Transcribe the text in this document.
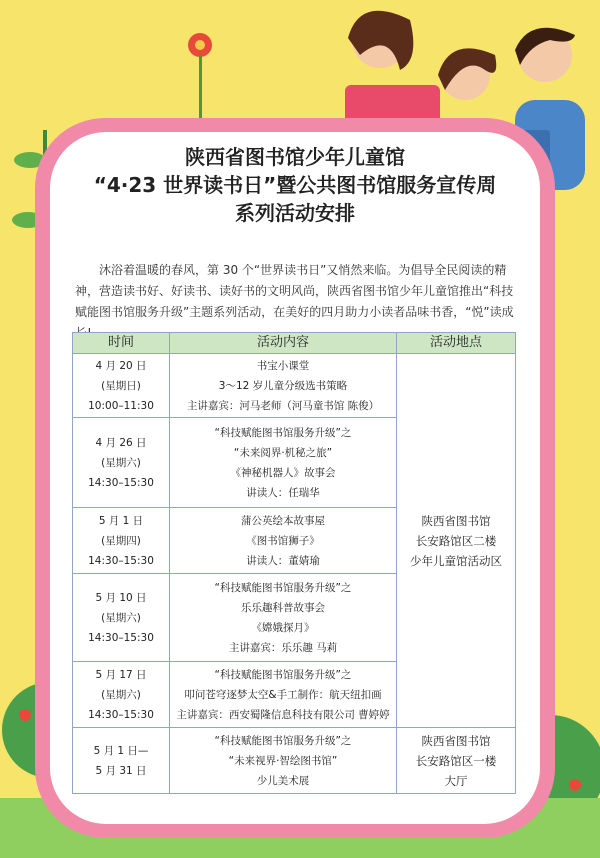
陕西省图书馆少年儿童馆
“4·23 世界读书日”暨公共图书馆服务宣传周
系列活动安排
沐浴着温暖的春风，第 30 个“世界读书日”又悄然来临。为倡导全民阅读的精神，营造读书好、好读书、读好书的文明风尚，陕西省图书馆少年儿童馆推出“科技赋能图书馆服务升级”主题系列活动，在美好的四月助力小读者品味书香，“悦”读成
时间	活动内容	活动地点

4 月 20 日
(星期日)
10:00–11:30	书宝小课堂
3～12 岁儿童分级选书策略
主讲嘉宾：河马老师（河马童书馆 陈俊）	陕西省图书馆
长安路馆区二楼
少年儿童馆活动区

4 月 26 日
(星期六)
14:30–15:30	“科技赋能图书馆服务升级”之
“未来阅界·机秘之旅”
《神秘机器人》故事会
讲读人：任瑞华	

5 月 1 日
(星期四)
14:30–15:30	蒲公英绘本故事屋
《图书馆狮子》
讲读人：董婧瑜	

5 月 10 日
(星期六)
14:30–15:30	“科技赋能图书馆服务升级”之
乐乐趣科普故事会
《嫦娥探月》
主讲嘉宾：乐乐趣 马莉	

5 月 17 日
(星期六)
14:30–15:30	“科技赋能图书馆服务升级”之
叩问苍穹逐梦太空&手工制作：航天纽扣画
主讲嘉宾：西安蜀隆信息科技有限公司 曹婷婷	

5 月 1 日—
5 月 31 日	“科技赋能图书馆服务升级”之
“未来视界·智绘图书馆”
少儿美术展	陕西省图书馆
长安路馆区一楼
大厅
